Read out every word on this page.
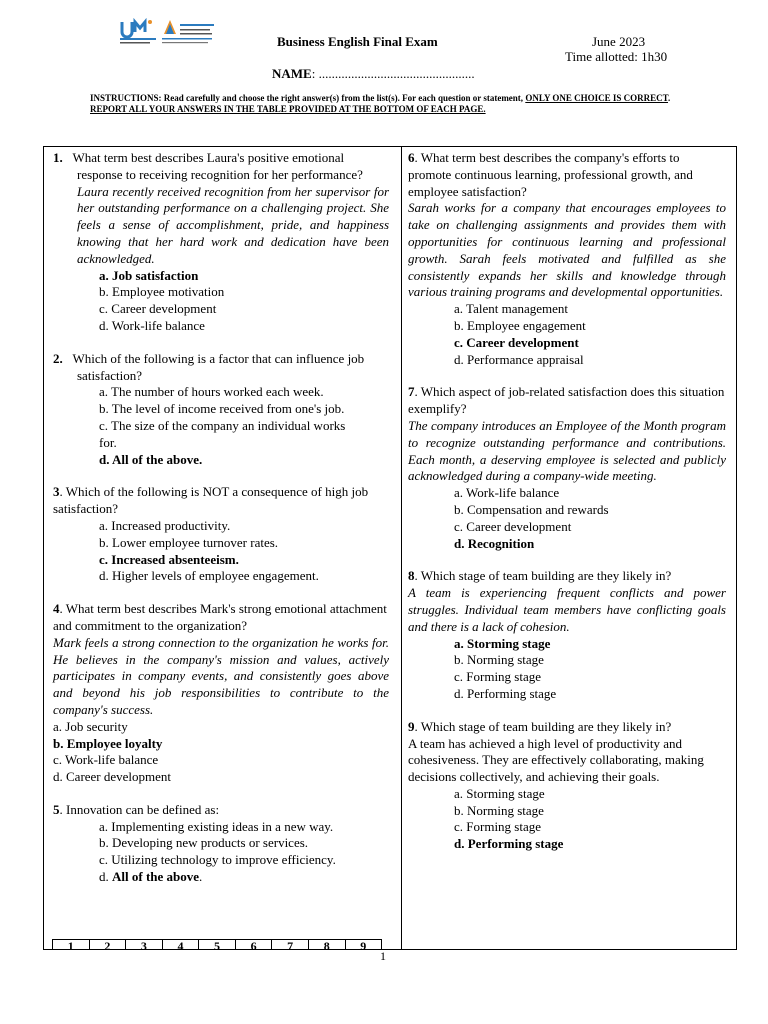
Business English Final Exam	June 2023
Time allotted: 1h30
NAME: ................................................
INSTRUCTIONS: Read carefully and choose the right answer(s) from the list(s). For each question or statement, ONLY ONE CHOICE IS CORRECT. REPORT ALL YOUR ANSWERS IN THE TABLE PROVIDED AT THE BOTTOM OF EACH PAGE.

1. What term best describes Laura's positive emotional response to receiving recognition for her performance?

Laura recently received recognition from her supervisor for her outstanding performance on a challenging project. She feels a sense of accomplishment, pride, and happiness knowing that her hard work and dedication have been acknowledged.

a. Job satisfaction
b. Employee motivation
c. Career development
d. Work-life balance

2. Which of the following is a factor that can influence job satisfaction?

a. The number of hours worked each week.
b. The level of income received from one's job.
c. The size of the company an individual works for.
d. All of the above.

3. Which of the following is NOT a consequence of high job satisfaction?

a. Increased productivity.
b. Lower employee turnover rates.
c. Increased absenteeism.
d. Higher levels of employee engagement.

4. What term best describes Mark's strong emotional attachment and commitment to the organization?

Mark feels a strong connection to the organization he works for. He believes in the company's mission and values, actively participates in company events, and consistently goes above and beyond his job responsibilities to contribute to the company's success.

a. Job security
b. Employee loyalty
c. Work-life balance
d. Career development

5. Innovation can be defined as:

a. Implementing existing ideas in a new way.
b. Developing new products or services.
c. Utilizing technology to improve efficiency.
d. All of the above.

6. What term best describes the company's efforts to promote continuous learning, professional growth, and employee satisfaction?

Sarah works for a company that encourages employees to take on challenging assignments and provides them with opportunities for continuous learning and professional growth. Sarah feels motivated and fulfilled as she consistently expands her skills and knowledge through various training programs and developmental opportunities.

a. Talent management
b. Employee engagement
c. Career development
d. Performance appraisal

7. Which aspect of job-related satisfaction does this situation exemplify?

The company introduces an Employee of the Month program to recognize outstanding performance and contributions. Each month, a deserving employee is selected and publicly acknowledged during a company-wide meeting.

a. Work-life balance
b. Compensation and rewards
c. Career development
d. Recognition

8. Which stage of team building are they likely in?

A team is experiencing frequent conflicts and power struggles. Individual team members have conflicting goals and there is a lack of cohesion.

a. Storming stage
b. Norming stage
c. Forming stage
d. Performing stage

9. Which stage of team building are they likely in?

A team has achieved a high level of productivity and cohesiveness. They are effectively collaborating, making decisions collectively, and achieving their goals.

a. Storming stage
b. Norming stage
c. Forming stage
d. Performing stage
1	2	3	4	5	6	7	8	9
1
